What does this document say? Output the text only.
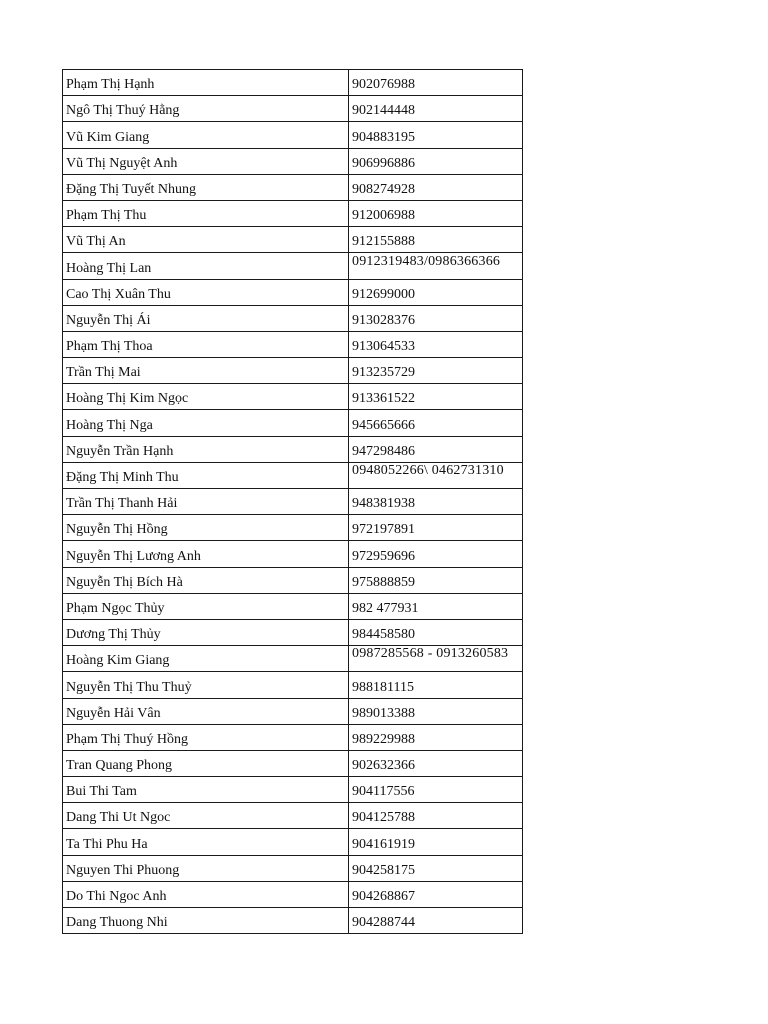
Phạm Thị Hạnh	902076988

Ngô Thị Thuý Hằng	902144448

Vũ Kim Giang	904883195

Vũ Thị Nguyệt Anh	906996886

Đặng Thị Tuyết Nhung	908274928

Phạm Thị Thu	912006988

Vũ Thị An	912155888

Hoàng Thị Lan	0912319483/0986366366

Cao Thị Xuân Thu	912699000

Nguyễn Thị Ái	913028376

Phạm Thị Thoa	913064533

Trần Thị Mai	913235729

Hoàng Thị Kim Ngọc	913361522

Hoàng Thị Nga	945665666

Nguyễn Trần Hạnh	947298486

Đặng Thị Minh Thu	0948052266\ 0462731310

Trần Thị Thanh Hải	948381938

Nguyễn Thị Hồng	972197891

Nguyễn Thị Lương Anh	972959696

Nguyễn Thị Bích Hà	975888859

Phạm Ngọc Thủy	982 477931

Dương Thị Thủy	984458580

Hoàng Kim Giang	0987285568 - 0913260583

Nguyễn Thị Thu Thuỷ	988181115

Nguyễn Hải Vân	989013388

Phạm Thị Thuý Hồng	989229988

Tran Quang Phong	902632366

Bui Thi Tam	904117556

Dang Thi Ut Ngoc	904125788

Ta Thi Phu Ha	904161919

Nguyen Thi Phuong	904258175

Do Thi Ngoc Anh	904268867

Dang Thuong Nhi	904288744
